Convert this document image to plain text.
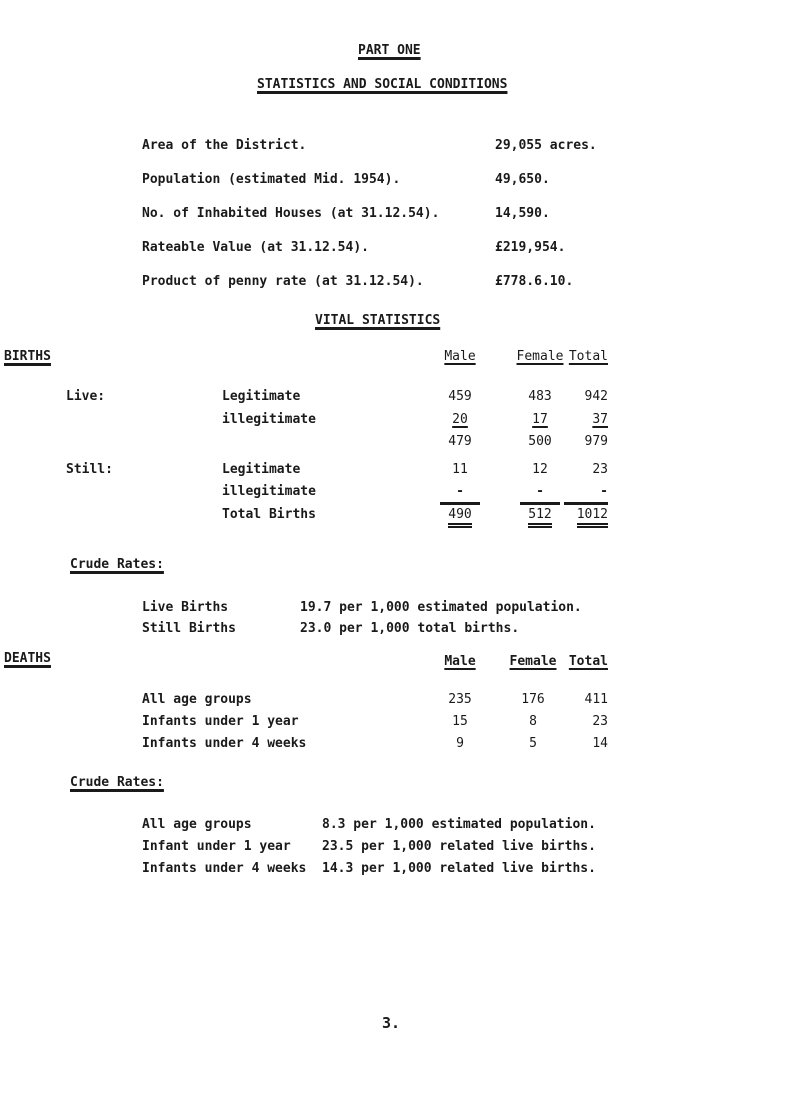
PART ONE
STATISTICS AND SOCIAL CONDITIONS
Area of the District.	29,055 acres.
Population (estimated Mid. 1954).	49,650.
No. of Inhabited Houses (at 31.12.54).	14,590.
Rateable Value (at 31.12.54).	£219,954.
Product of penny rate (at 31.12.54).	£778.6.10.
VITAL STATISTICS
BIRTHS	Male	Female Total
Live:	Legitimate	459	483	942
illegitimate	20	17	37
479	500	979
Still:	Legitimate	11	12	23
illegitimate	-	-	-
Total Births	490	512	1012
Crude Rates:
Live Births	19.7 per 1,000 estimated population.
Still Births	23.0 per 1,000 total births.
DEATHS	Male	Female Total
All age groups	235	176	411
Infants under 1 year	15	8	23
Infants under 4 weeks	9	5	14
Crude Rates:
All age groups	8.3 per 1,000 estimated population.
Infant under 1 year 23.5 per 1,000 related live births.
Infants under 4 weeks 14.3 per 1,000 related live births.
3.
